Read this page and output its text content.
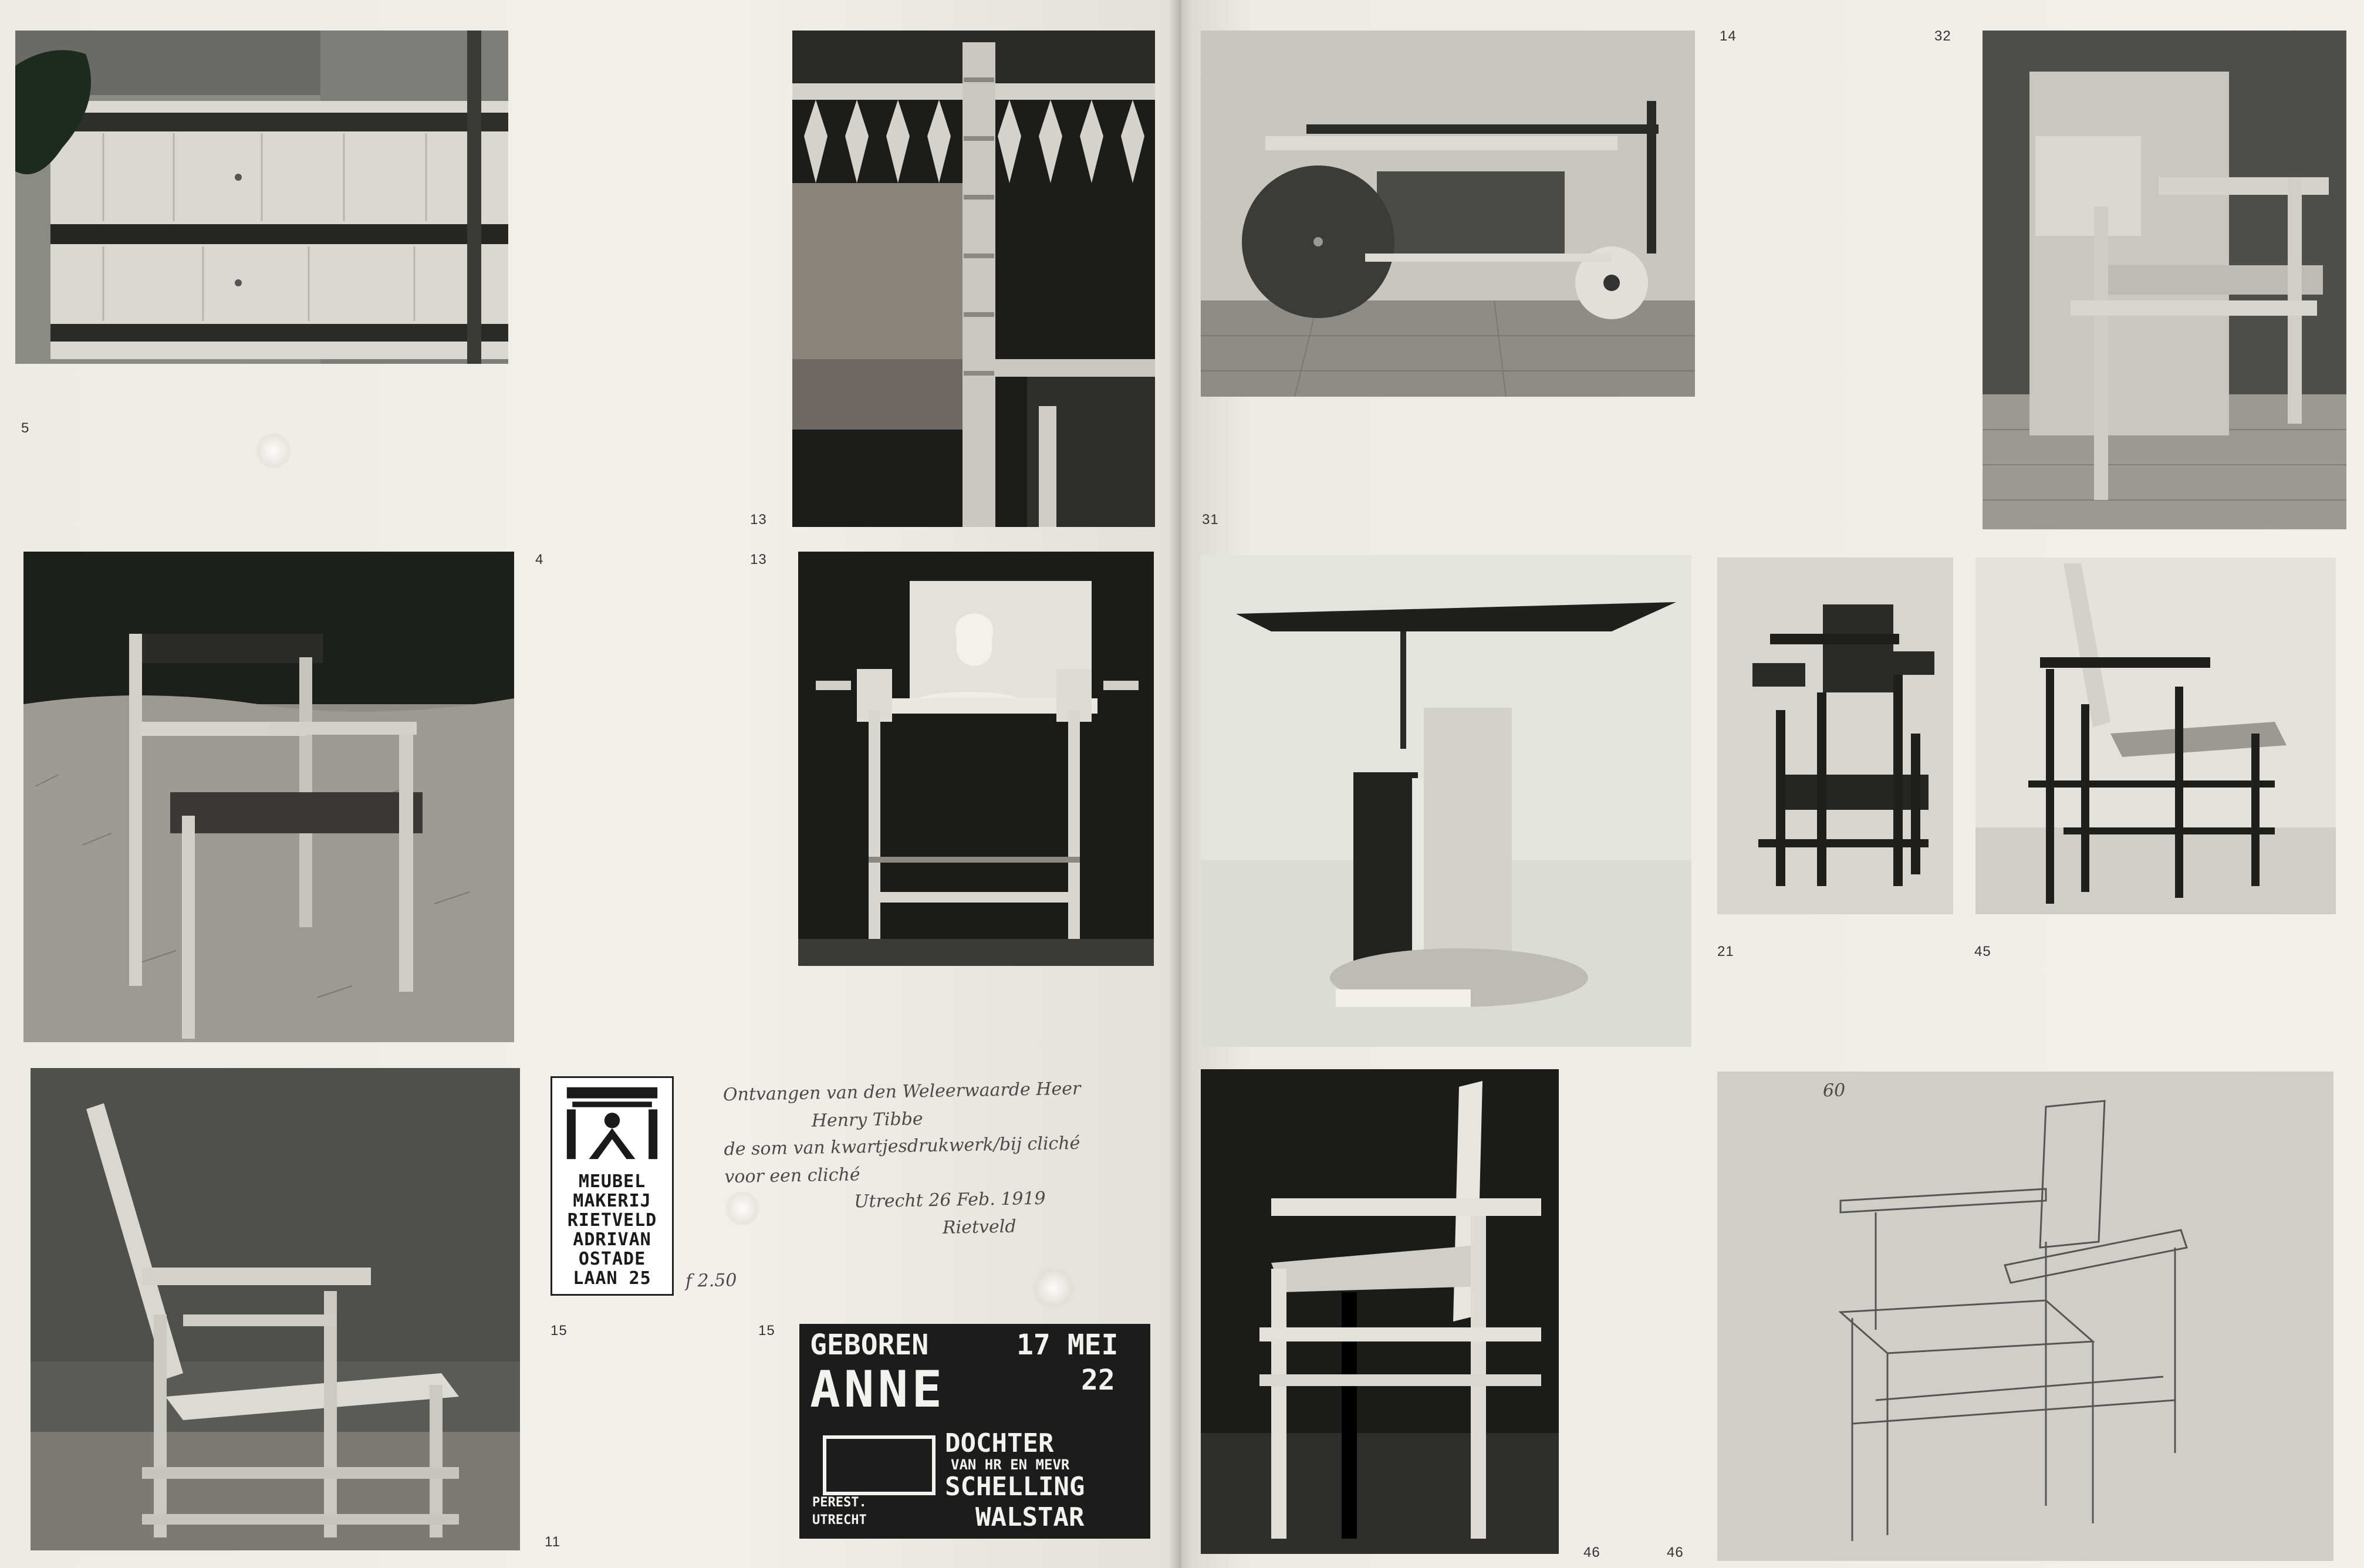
5
13
4	13
11
MEUBEL
MAKERIJ
RIETVELD
ADRIVAN
OSTADE
LAAN 25
15
Ontvangen van den Weleerwaarde Heer
Henry Tibbe
de som van kwartjesdrukwerk/bij cliché
voor een cliché
Utrecht 26 Feb. 1919
Rietveld
f 2.50
15 GEBOREN	17 MEI
ANNE	22
DOCHTER
VAN HR EN MEVR
SCHELLING
WALSTAR
PEREST.
UTRECHT
31
14	32
21	45
46	46
60
